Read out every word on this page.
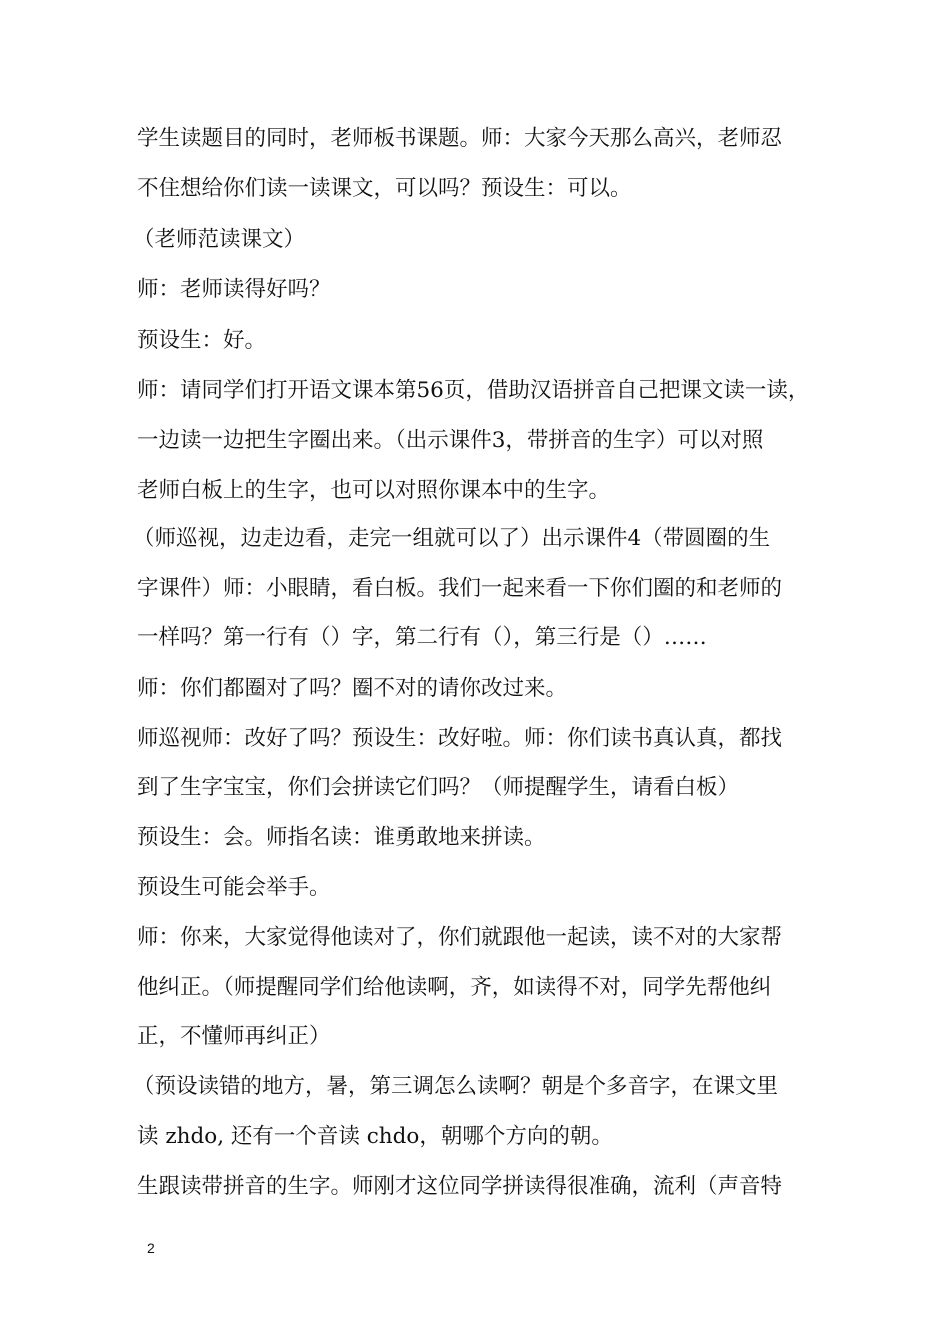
学生读题目的同时，老师板书课题。师：大家今天那么高兴，老师忍
不住想给你们读一读课文，可以吗？预设生：可以。
（老师范读课文）
师：老师读得好吗？
预设生：好。
师：请同学们打开语文课本第56页，借助汉语拼音自己把课文读一读，
一边读一边把生字圈出来。（出示课件3，带拼音的生字）可以对照
老师白板上的生字，也可以对照你课本中的生字。
（师巡视，边走边看，走完一组就可以了）出示课件4（带圆圈的生
字课件）师：小眼睛，看白板。我们一起来看一下你们圈的和老师的
一样吗？第一行有（）字，第二行有（），第三行是（）……
师：你们都圈对了吗？圈不对的请你改过来。
师巡视师：改好了吗？预设生：改好啦。师：你们读书真认真，都找
到了生字宝宝，你们会拼读它们吗？（师提醒学生，请看白板）
预设生：会。师指名读：谁勇敢地来拼读。
预设生可能会举手。
师：你来，大家觉得他读对了，你们就跟他一起读，读不对的大家帮
他纠正。（师提醒同学们给他读啊，齐，如读得不对，同学先帮他纠
正，不懂师再纠正）
（预设读错的地方，暑，第三调怎么读啊？朝是个多音字，在课文里
读 zhdo, 还有一个音读 chdo，朝哪个方向的朝。
生跟读带拼音的生字。师刚才这位同学拼读得很准确，流利（声音特
2
